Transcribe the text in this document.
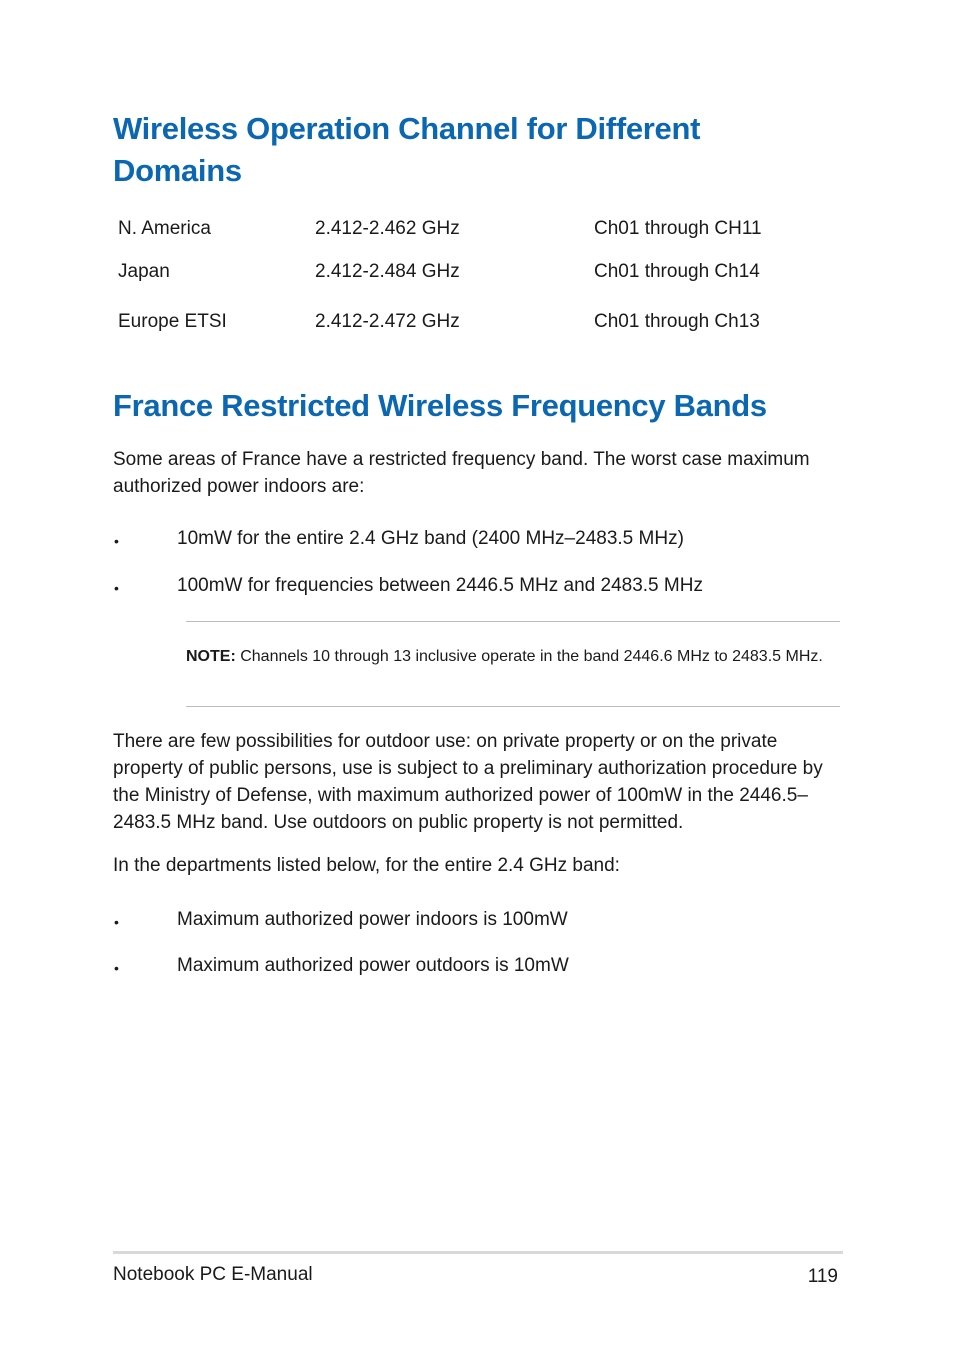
Wireless Operation Channel for Different Domains
N. America	2.412-2.462 GHz	Ch01 through CH11
Japan	2.412-2.484 GHz	Ch01 through Ch14
Europe ETSI	2.412-2.472 GHz	Ch01 through Ch13
France Restricted Wireless Frequency Bands

Some areas of France have a restricted frequency band. The worst case maximum authorized power indoors are:

•	10mW for the entire 2.4 GHz band (2400 MHz–2483.5 MHz)
•	100mW for frequencies between 2446.5 MHz and 2483.5 MHz
NOTE: Channels 10 through 13 inclusive operate in the band 2446.6 MHz to 2483.5 MHz.

There are few possibilities for outdoor use: on private property or on the private property of public persons, use is subject to a preliminary authorization procedure by the Ministry of Defense, with maximum authorized power of 100mW in the 2446.5–2483.5 MHz band. Use outdoors on public property is not permitted.

In the departments listed below, for the entire 2.4 GHz band:

•	Maximum authorized power indoors is 100mW
•	Maximum authorized power outdoors is 10mW
Notebook PC E-Manual	119
